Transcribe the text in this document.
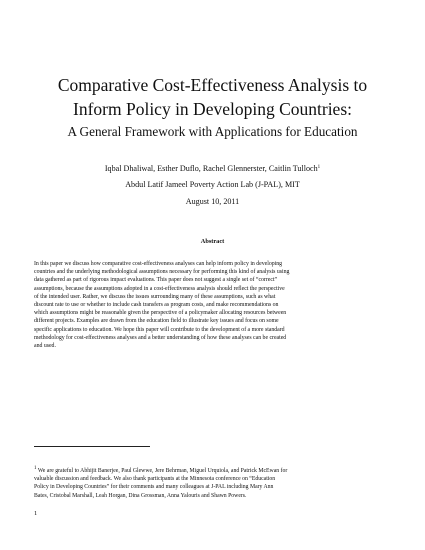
Comparative Cost-Effectiveness Analysis to
Inform Policy in Developing Countries:
A General Framework with Applications for Education
Iqbal Dhaliwal, Esther Duflo, Rachel Glennerster, Caitlin Tulloch$^1$
Abdul Latif Jameel Poverty Action Lab (J-PAL), MIT
August 10, 2011
Abstract
In this paper we discuss how comparative cost-effectiveness analyses can help inform policy in developing
countries and the underlying methodological assumptions necessary for performing this kind of analysis using
data gathered as part of rigorous impact evaluations. This paper does not suggest a single set of “correct”
assumptions, because the assumptions adopted in a cost-effectiveness analysis should reflect the perspective
of the intended user. Rather, we discuss the issues surrounding many of these assumptions, such as what
discount rate to use or whether to include cash transfers as program costs, and make recommendations on
which assumptions might be reasonable given the perspective of a policymaker allocating resources between
different projects. Examples are drawn from the education field to illustrate key issues and focus on some
specific applications to education. We hope this paper will contribute to the development of a more standard
methodology for cost-effectiveness analyses and a better understanding of how these analyses can be created
and used.
$^1$ We are grateful to Abhijit Banerjee, Paul Glewwe, Jere Behrman, Miguel Urquiola, and Patrick McEwan for
valuable discussion and feedback. We also thank participants at the Minnesota conference on “Education
Policy in Developing Countries” for their comments and many colleagues at J-PAL including Mary Ann
Bates, Cristobal Marshall, Leah Horgan, Dina Grossman, Anna Yalouris and Shawn Powers.
1
